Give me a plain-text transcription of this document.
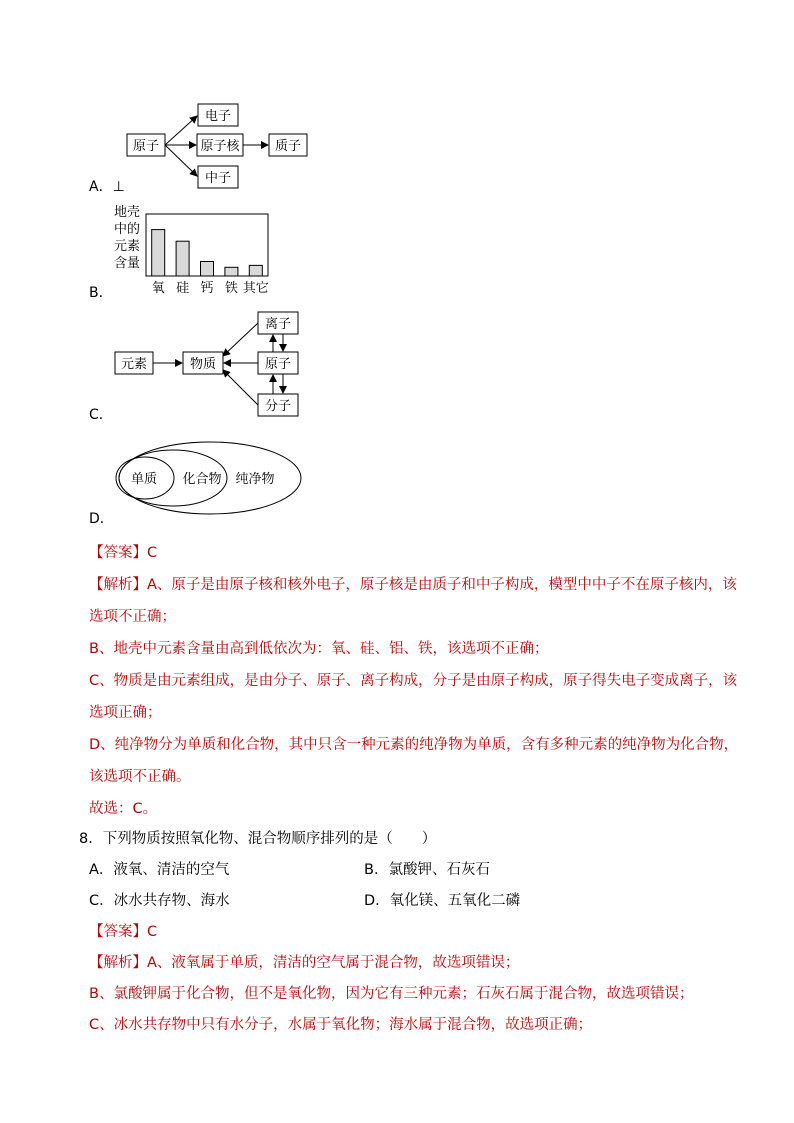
原子
电子
原子核	质子
中子
A．⊥
地壳
中的
元素
含量
氧 硅 钙 铁 其它
B．
元素	物质
离子
原子
分子
C．
单质 化合物 纯净物
D．
【答案】C
【解析】A、原子是由原子核和核外电子，原子核是由质子和中子构成，模型中中子不在原子核内，该
选项不正确；
B、地壳中元素含量由高到低依次为：氧、硅、铝、铁，该选项不正确；
C、物质是由元素组成，是由分子、原子、离子构成，分子是由原子构成，原子得失电子变成离子，该
选项正确；
D、纯净物分为单质和化合物，其中只含一种元素的纯净物为单质，含有多种元素的纯净物为化合物，
该选项不正确。
故选：C。
8．下列物质按照氧化物、混合物顺序排列的是（　　）
A．液氧、清洁的空气	B．氯酸钾、石灰石
C．冰水共存物、海水	D．氧化镁、五氧化二磷
【答案】C
【解析】A、液氧属于单质，清洁的空气属于混合物，故选项错误；
B、氯酸钾属于化合物，但不是氧化物，因为它有三种元素；石灰石属于混合物，故选项错误；
C、冰水共存物中只有水分子，水属于氧化物；海水属于混合物，故选项正确；
